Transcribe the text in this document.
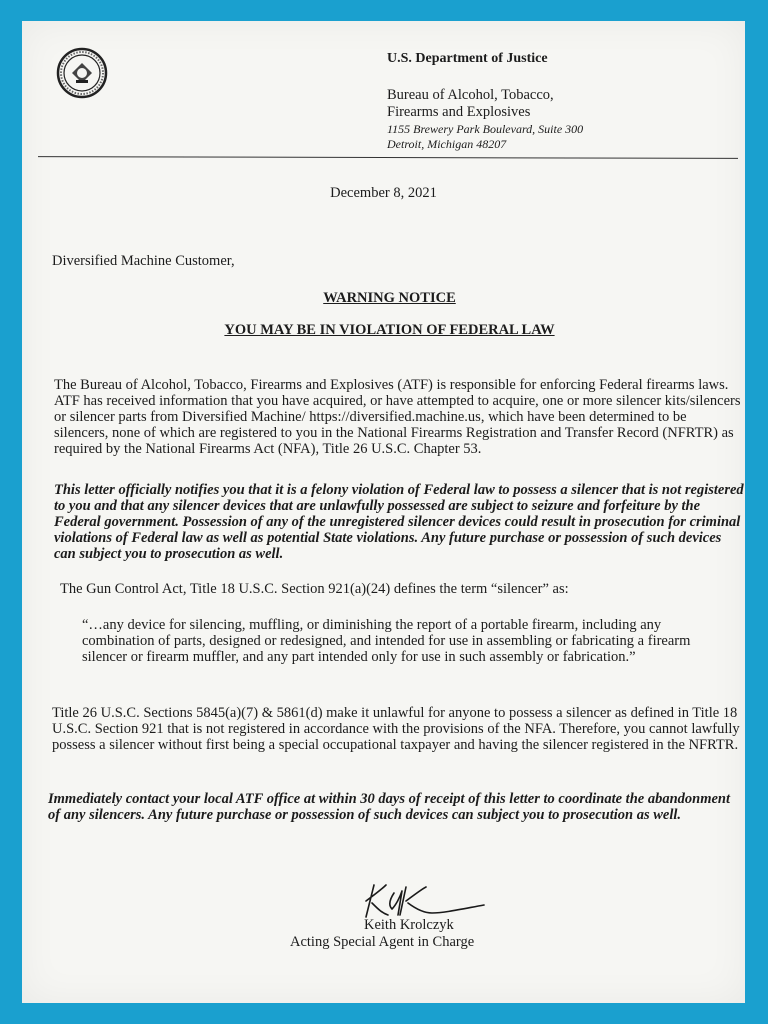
U.S. Department of Justice
Bureau of Alcohol, Tobacco,
Firearms and Explosives
1155 Brewery Park Boulevard, Suite 300
Detroit, Michigan 48207
December 8, 2021
Diversified Machine Customer,
WARNING NOTICE
YOU MAY BE IN VIOLATION OF FEDERAL LAW
The Bureau of Alcohol, Tobacco, Firearms and Explosives (ATF) is responsible for enforcing Federal firearms laws. ATF has received information that you have acquired, or have attempted to acquire, one or more silencer kits/silencers or silencer parts from Diversified Machine/ https://diversified.machine.us, which have been determined to be silencers, none of which are registered to you in the National Firearms Registration and Transfer Record (NFRTR) as required by the National Firearms Act (NFA), Title 26 U.S.C. Chapter 53.
This letter officially notifies you that it is a felony violation of Federal law to possess a silencer that is not registered to you and that any silencer devices that are unlawfully possessed are subject to seizure and forfeiture by the Federal government. Possession of any of the unregistered silencer devices could result in prosecution for criminal violations of Federal law as well as potential State violations. Any future purchase or possession of such devices can subject you to prosecution as well.
The Gun Control Act, Title 18 U.S.C. Section 921(a)(24) defines the term “silencer” as:
“…any device for silencing, muffling, or diminishing the report of a portable firearm, including any combination of parts, designed or redesigned, and intended for use in assembling or fabricating a firearm silencer or firearm muffler, and any part intended only for use in such assembly or fabrication.”
Title 26 U.S.C. Sections 5845(a)(7) & 5861(d) make it unlawful for anyone to possess a silencer as defined in Title 18 U.S.C. Section 921 that is not registered in accordance with the provisions of the NFA. Therefore, you cannot lawfully possess a silencer without first being a special occupational taxpayer and having the silencer registered in the NFRTR.
Immediately contact your local ATF office at within 30 days of receipt of this letter to coordinate the abandonment of any silencers. Any future purchase or possession of such devices can subject you to prosecution as well.
Keith Krolczyk
Acting Special Agent in Charge
